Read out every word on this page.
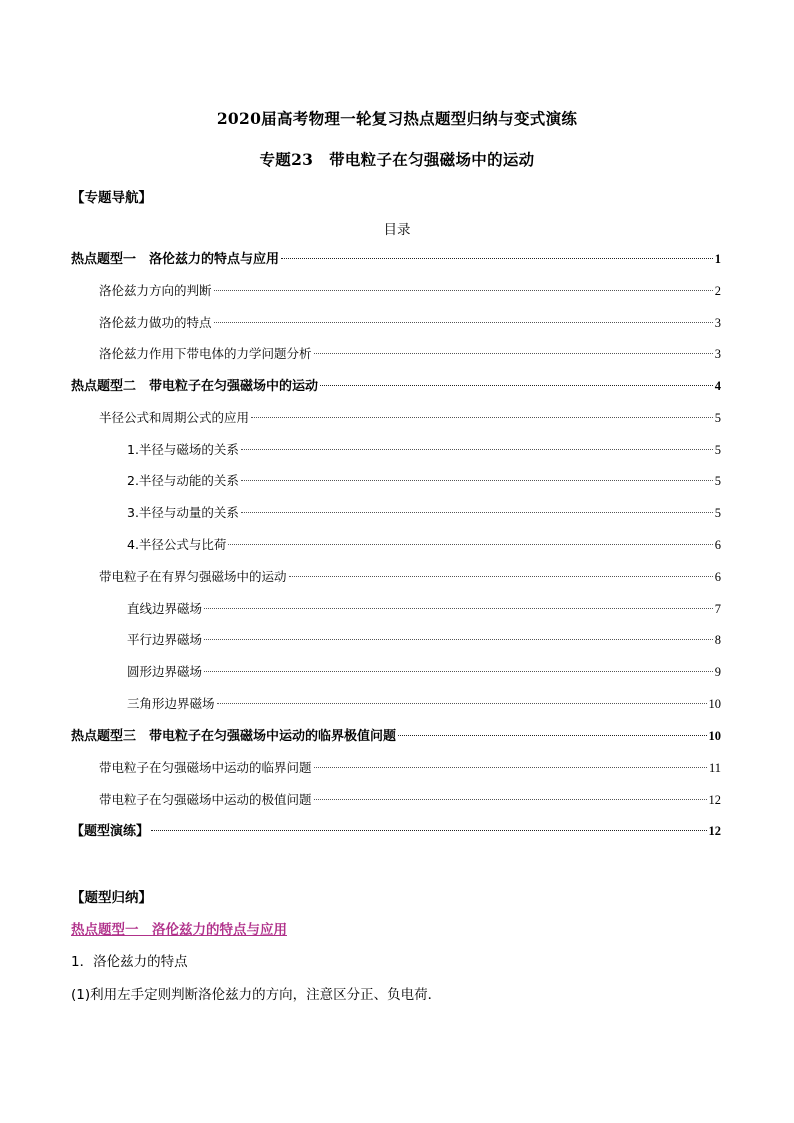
2020届高考物理一轮复习热点题型归纳与变式演练
专题23　带电粒子在匀强磁场中的运动
【专题导航】
目录
热点题型一　洛伦兹力的特点与应用	1
洛伦兹力方向的判断	2
洛伦兹力做功的特点	3
洛伦兹力作用下带电体的力学问题分析	3
热点题型二　带电粒子在匀强磁场中的运动	4
半径公式和周期公式的应用	5
1.半径与磁场的关系	5
2.半径与动能的关系	5
3.半径与动量的关系	5
4.半径公式与比荷	6
带电粒子在有界匀强磁场中的运动	6
直线边界磁场	7
平行边界磁场	8
圆形边界磁场	9
三角形边界磁场	10
热点题型三　带电粒子在匀强磁场中运动的临界极值问题	10
带电粒子在匀强磁场中运动的临界问题	11
带电粒子在匀强磁场中运动的极值问题	12
【题型演练】	12
【题型归纳】
热点题型一　洛伦兹力的特点与应用
1．洛伦兹力的特点
(1)利用左手定则判断洛伦兹力的方向，注意区分正、负电荷．
